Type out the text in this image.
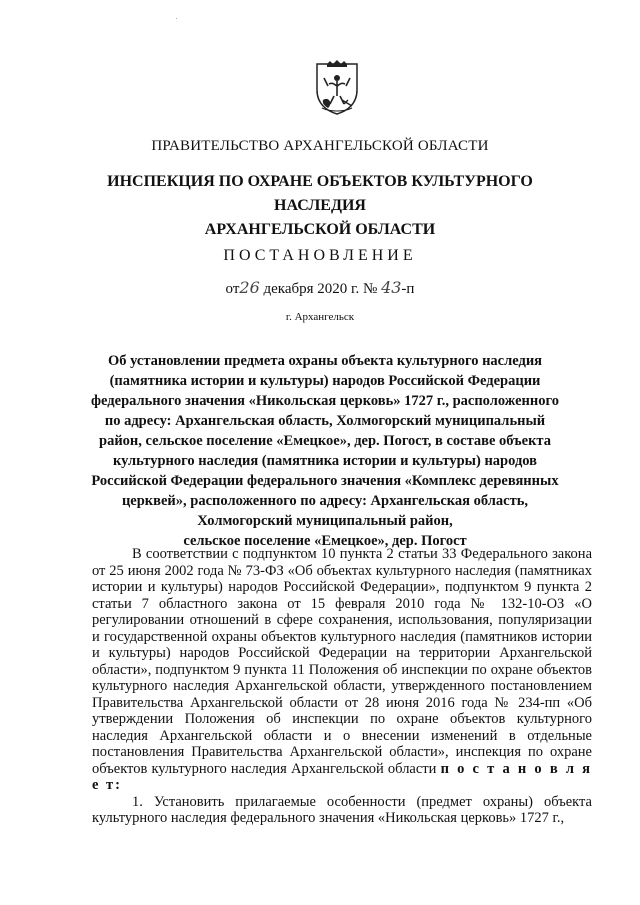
ПРАВИТЕЛЬСТВО АРХАНГЕЛЬСКОЙ ОБЛАСТИ
ИНСПЕКЦИЯ ПО ОХРАНЕ ОБЪЕКТОВ КУЛЬТУРНОГО НАСЛЕДИЯ
АРХАНГЕЛЬСКОЙ ОБЛАСТИ
ПОСТАНОВЛЕНИЕ
от26 декабря 2020 г. № 43-п
г. Архангельск
Об установлении предмета охраны объекта культурного наследия
(памятника истории и культуры) народов Российской Федерации
федерального значения «Никольская церковь» 1727 г., расположенного
по адресу: Архангельская область, Холмогорский муниципальный
район, сельское поселение «Емецкое», дер. Погост, в составе объекта
культурного наследия (памятника истории и культуры) народов
Российской Федерации федерального значения «Комплекс деревянных
церквей», расположенного по адресу: Архангельская область,
Холмогорский муниципальный район,
сельское поселение «Емецкое», дер. Погост

В соответствии с подпунктом 10 пункта 2 статьи 33 Федерального закона от 25 июня 2002 года № 73-ФЗ «Об объектах культурного наследия (памятниках истории и культуры) народов Российской Федерации», подпунктом 9 пункта 2 статьи 7 областного закона от 15 февраля 2010 года № 132-10-ОЗ «О регулировании отношений в сфере сохранения, использования, популяризации и государственной охраны объектов культурного наследия (памятников истории и культуры) народов Российской Федерации на территории Архангельской области», подпунктом 9 пункта 11 Положения об инспекции по охране объектов культурного наследия Архангельской области, утвержденного постановлением Правительства Архангельской области от 28 июня 2016 года № 234-пп «Об утверждении Положения об инспекции по охране объектов культурного наследия Архангельской области и о внесении изменений в отдельные постановления Правительства Архангельской области», инспекция по охране объектов культурного наследия Архангельской области п о с т а н о в л я е т:

1. Установить прилагаемые особенности (предмет охраны) объекта культурного наследия федерального значения «Никольская церковь» 1727 г.,
